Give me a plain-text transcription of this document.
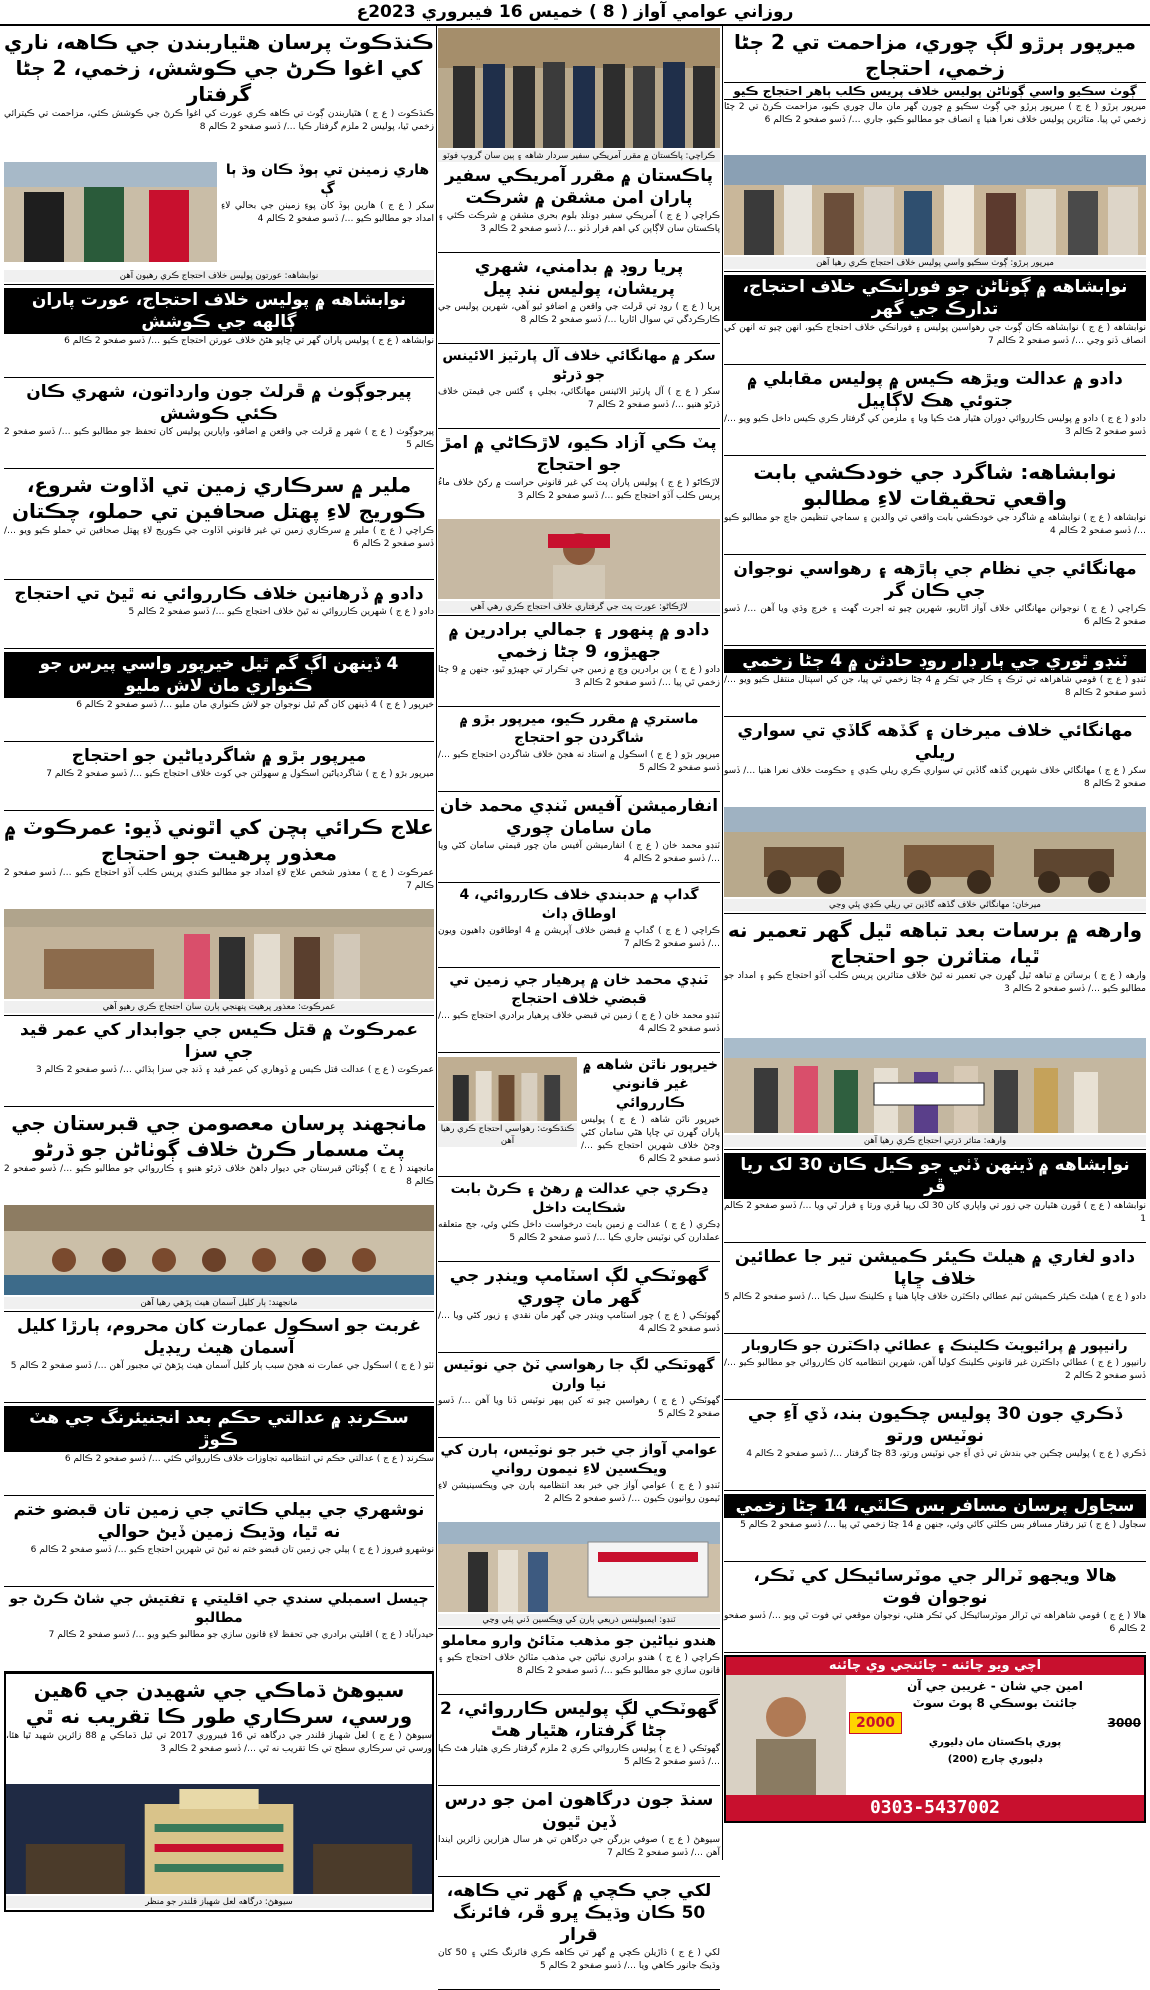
روزاني عوامي آواز ( 8 ) خميس 16 فيبروري 2023ع
ميرپور ٻرڙو لڳ چوري، مزاحمت تي 2 ڄڻا زخمي، احتجاج
ڳوٺ سڪيو واسي ڳوٺاڻن پوليس خلاف پريس ڪلب ٻاهر احتجاج ڪيو
ميرپور ٻرڙو ( ع ج ) ميرپور ٻرڙو جي ڳوٺ سڪيو ۾ چورن گهر مان مال چوري ڪيو، مزاحمت ڪرڻ تي 2 ڄڻا زخمي ٿي پيا. متاثرين پوليس خلاف نعرا هنيا ۽ انصاف جو مطالبو ڪيو، جاري …/ ڏسو صفحو 2 ڪالم 6
ميرپور ٻرڙو: ڳوٺ سڪيو واسي پوليس خلاف احتجاج ڪري رهيا آهن
نوابشاهه ۾ ڳوٺاڻن جو فورانڪي خلاف احتجاج، تدارڪ جي گهر
نوابشاهه ( ع ج ) نوابشاهه ڪان ڳوٺ جي رهواسين پوليس ۽ فورانڪي خلاف احتجاج ڪيو، انهن چيو ته انهن کي انصاف ڏنو وڃي …/ ڏسو صفحو 2 ڪالم 7
دادو ۾ عدالت ويڙهه ڪيس ۾ پوليس مقابلي ۾ جتوئي هڪ لاڳاپيل
دادو ( ع ج ) دادو ۾ پوليس ڪارروائي دوران هٿيار هٿ ڪيا ويا ۽ ملزمن کي گرفتار ڪري ڪيس داخل ڪيو ويو …/ ڏسو صفحو 2 ڪالم 3
نوابشاهه: شاگرد جي خودڪشي بابت واقعي تحقيقات لاءِ مطالبو
نوابشاهه ( ع ج ) نوابشاهه ۾ شاگرد جي خودڪشي بابت واقعي تي والدين ۽ سماجي تنظيمن جاچ جو مطالبو ڪيو …/ ڏسو صفحو 2 ڪالم 4
مهانگائي جي نظام جي ٻاڙهه ۽ رهواسي نوجوان جي ڪان گر
ڪراچي ( ع ج ) نوجوانن مهانگائي خلاف آواز اٿاريو، شهرين چيو ته اجرت گهٽ ۽ خرچ وڌي ويا آهن …/ ڏسو صفحو 2 ڪالم 6
ٽنڊو ٿوري جي ٻار ڊار روڊ حادثن ۾ 4 ڄڻا زخمي
ٽنڊو ( ع ج ) قومي شاهراهه تي ٽرڪ ۽ ڪار جي ٽڪر ۾ 4 ڄڻا زخمي ٿي پيا، جن کي اسپتال منتقل ڪيو ويو …/ ڏسو صفحو 2 ڪالم 8
مهانگائي خلاف ميرخان ۽ گڏهه گاڏي تي سواري ريلي
سکر ( ع ج ) مهانگائي خلاف شهرين گڏهه گاڏين تي سواري ڪري ريلي ڪڍي ۽ حڪومت خلاف نعرا هنيا …/ ڏسو صفحو 2 ڪالم 8
ميرخان: مهانگائي خلاف گڏهه گاڏين تي ريلي ڪڍي پئي وڃي
وارهه ۾ برسات بعد تباهه ٿيل گهر تعمير نه ٿيا، متاثرن جو احتجاج
وارهه ( ع ج ) برساتن ۾ تباهه ٿيل گهرن جي تعمير نه ٿيڻ خلاف متاثرين پريس ڪلب آڏو احتجاج ڪيو ۽ امداد جو مطالبو ڪيو …/ ڏسو صفحو 2 ڪالم 3
وارهه: متاثر ڌرتي احتجاج ڪري رهيا آهن
نوابشاهه ۾ ڏينهن ڏٺي جو ڪيل ڪان 30 لک ريا ڦر
نوابشاهه ( ع ج ) ڦورن هٿيارن جي زور تي واپاري کان 30 لک رپيا ڦري ورتا ۽ فرار ٿي ويا …/ ڏسو صفحو 2 ڪالم 1
دادو لغاري ۾ هيلٿ ڪيئر ڪميشن تير جا عطائين خلاف ڇاپا
دادو ( ع ج ) هيلٿ ڪيئر ڪميشن ٽيم عطائي ڊاڪٽرن خلاف ڇاپا هنيا ۽ ڪلينڪ سيل ڪيا …/ ڏسو صفحو 2 ڪالم 5
رانيپور ۾ پرائيويٽ ڪلينڪ ۽ عطائي ڊاڪٽرن جو ڪاروبار
رانيپور ( ع ج ) عطائي ڊاڪٽرن غير قانوني ڪلينڪ کوليا آهن، شهرين انتظاميه کان ڪارروائي جو مطالبو ڪيو …/ ڏسو صفحو 2 ڪالم 2
ڏڪري جون 30 پوليس چڪيون بند، ڏي آءِ جي نوٽيس ورتو
ڏڪري ( ع ج ) پوليس چڪين جي بندش تي ڏي آءِ جي نوٽيس ورتو، 83 ڄڻا گرفتار …/ ڏسو صفحو 2 ڪالم 4
سجاول پرسان مسافر بس ڪلٽي، 14 ڄڻا زخمي
سجاول ( ع ج ) تيز رفتار مسافر بس ڪلٽي کائي وئي، جنهن ۾ 14 ڄڻا زخمي ٿي پيا …/ ڏسو صفحو 2 ڪالم 5
هالا ويجهو ٽرالر جي موٽرسائيڪل کي ٽڪر، نوجوان فوت
هالا ( ع ج ) قومي شاهراهه تي ٽرالر موٽرسائيڪل کي ٽڪر هنئي، نوجوان موقعي تي فوت ٿي ويو …/ ڏسو صفحو 2 ڪالم 6
اچي ويو چائنه - چائنجي وي چائنه
امين جي شان - غريبن جي آن
جائنٽ بوسڪي 8 پوٽ سوٽ
3000
2000
پوري پاڪستان مان ڊليوري
ڊليوري چارج (200)
0303-5437002
ڪراچي: پاڪستان ۾ مقرر آمريڪي سفير سردار شاهه ۽ ٻين سان گروپ فوٽو
پاڪستان ۾ مقرر آمريڪي سفير پاران امن مشقن ۾ شرڪت
ڪراچي ( ع ج ) آمريڪي سفير ڊونلڊ بلوم بحري مشقن ۾ شرڪت ڪئي ۽ پاڪستان سان لاڳاپن کي اهم قرار ڏنو …/ ڏسو صفحو 2 ڪالم 3
پريا روڊ ۾ بدامني، شهري پريشان، پوليس ننڊ پيل
پريا ( ع ج ) روڊ تي ڦرلٽ جي واقعن ۾ اضافو ٿيو آهي، شهرين پوليس جي ڪارڪردگي تي سوال اٿاريا …/ ڏسو صفحو 2 ڪالم 8
سکر ۾ مهانگائي خلاف آل پارٽيز الائينس جو ڌرڻو
سکر ( ع ج ) آل پارٽيز الائينس مهانگائي، بجلي ۽ گئس جي قيمتن خلاف ڌرڻو هنيو …/ ڏسو صفحو 2 ڪالم 7
پٽ ڪي آزاد ڪيو، لاڙڪاڻي ۾ امڙ جو احتجاج
لاڙڪاڻو ( ع ج ) پوليس پاران پٽ کي غير قانوني حراست ۾ رکڻ خلاف ماءُ پريس ڪلب آڏو احتجاج ڪيو …/ ڏسو صفحو 2 ڪالم 3
لاڙڪاڻو: عورت پٽ جي گرفتاري خلاف احتجاج ڪري رهي آهي
دادو ۾ پنهور ۽ جمالي برادرين ۾ جهيڙو، 9 ڄڻا زخمي
دادو ( ع ج ) ٻن برادرين وچ ۾ زمين جي تڪرار تي جهيڙو ٿيو، جنهن ۾ 9 ڄڻا زخمي ٿي پيا …/ ڏسو صفحو 2 ڪالم 3
ماستري ۾ مقرر ڪيو، ميرپور بڙو ۾ شاگردن جو احتجاج
ميرپور بڙو ( ع ج ) اسڪول ۾ استاد نه هجڻ خلاف شاگردن احتجاج ڪيو …/ ڏسو صفحو 2 ڪالم 5
انفارميشن آفيس ٽنڊي محمد خان مان سامان چوري
ٽنڊو محمد خان ( ع ج ) انفارميشن آفيس مان چور قيمتي سامان کڻي ويا …/ ڏسو صفحو 2 ڪالم 4
گداپ ۾ حدبندي خلاف ڪارروائي، 4 اوطاق ڊاٺ
ڪراچي ( ع ج ) گداپ ۾ قبضن خلاف آپريشن ۾ 4 اوطاقون ڊاهيون ويون …/ ڏسو صفحو 2 ڪالم 7
ٽنڊي محمد خان ۾ پرهيار جي زمين تي قبضي خلاف احتجاج
ٽنڊو محمد خان ( ع ج ) زمين تي قبضي خلاف پرهيار برادري احتجاج ڪيو …/ ڏسو صفحو 2 ڪالم 4
خيرپور ناٿن شاهه ۾ غير قانوني ڪارروائي
خيرپور ناٿن شاهه ( ع ج ) پوليس پاران گهرن تي ڇاپا هڻي سامان کڻي وڃڻ خلاف شهرين احتجاج ڪيو …/ ڏسو صفحو 2 ڪالم 6
ڪنڌڪوٽ: رهواسي احتجاج ڪري رهيا آهن
ڍڪري جي عدالت ۾ رهڻ ۽ ڪرڻ بابت شڪايت داخل
ڍڪري ( ع ج ) عدالت ۾ زمين بابت درخواست داخل ڪئي وئي، جج متعلقه عملدارن کي نوٽيس جاري ڪيا …/ ڏسو صفحو 2 ڪالم 5
گهوٽڪي لڳ اسٽامپ وينڊر جي گهر مان چوري
گهوٽڪي ( ع ج ) چور اسٽامپ وينڊر جي گهر مان نقدي ۽ زيور کڻي ويا …/ ڏسو صفحو 2 ڪالم 4
گهوٽڪي لڳ جا رهواسي ٽڻ جي نوٽيس نيا وارن
گهوٽڪي ( ع ج ) رهواسين چيو ته کين ٻيهر نوٽيس ڏنا ويا آهن …/ ڏسو صفحو 2 ڪالم 5
عوامي آواز جي خبر جو نوٽيس، ٻارن کي ويڪسين لاءِ نيمون رواني
ٽنڊو ( ع ج ) عوامي آواز جي خبر بعد انتظاميه ٻارن جي ويڪسينيشن لاءِ ٽيمون روانيون ڪيون …/ ڏسو صفحو 2 ڪالم 2
ٽنڊو: ايمبولينس ذريعي ٻارن کي ويڪسين ڏني پئي وڃي
هندو نياڻين جو مذهب مٽائڻ وارو معاملو
ڪراچي ( ع ج ) هندو برادري نياڻين جي مذهب مٽائڻ خلاف احتجاج ڪيو ۽ قانون سازي جو مطالبو ڪيو …/ ڏسو صفحو 2 ڪالم 8
گهوٽڪي لڳ پوليس ڪارروائي، 2 ڄڻا گرفتار، هٿيار هٿ
گهوٽڪي ( ع ج ) پوليس ڪارروائي ڪري 2 ملزم گرفتار ڪري هٿيار هٿ ڪيا …/ ڏسو صفحو 2 ڪالم 5
سنڌ جون درگاهون امن جو درس ڏين ٿيون
سيوهڻ ( ع ج ) صوفي بزرگن جي درگاهن تي هر سال هزارين زائرين ايندا آهن …/ ڏسو صفحو 2 ڪالم 7
لکي جي ڪچي ۾ گهر تي ڪاهه، 50 ڪان وڌيڪ ڀرو ڦر، فائرنگ قرار
لکي ( ع ج ) ڌاڙيلن ڪچي ۾ گهر تي ڪاهه ڪري فائرنگ ڪئي ۽ 50 کان وڌيڪ جانور ڪاهي ويا …/ ڏسو صفحو 2 ڪالم 5
ڪنڌڪوٽ پرسان هٿياربندن جي ڪاهه، ناري کي اغوا ڪرڻ جي ڪوشش، زخمي، 2 ڄڻا گرفتار
ڪنڌڪوٽ ( ع ج ) هٿياربندن ڳوٺ تي ڪاهه ڪري عورت کي اغوا ڪرڻ جي ڪوشش ڪئي، مزاحمت تي ڪيترائي زخمي ٿيا، پوليس 2 ملزم گرفتار ڪيا …/ ڏسو صفحو 2 ڪالم 8
هاري زمينن تي ٻوڏ ڪان وڌ ٻا ڳ
سکر ( ع ج ) هارين ٻوڏ کان پوءِ زمينن جي بحالي لاءِ امداد جو مطالبو ڪيو …/ ڏسو صفحو 2 ڪالم 4
نوابشاهه: عورتون پوليس خلاف احتجاج ڪري رهيون آهن
نوابشاهه ۾ پوليس خلاف احتجاج، عورت پاران ڳالهه جي ڪوشش
نوابشاهه ( ع ج ) پوليس پاران گهر تي ڇاپو هڻڻ خلاف عورتن احتجاج ڪيو …/ ڏسو صفحو 2 ڪالم 6
پيرجوڳوٺ ۾ ڦرلٽ جون وارداتون، شهري ڪان ڪئي ڪوشش
پيرجوڳوٺ ( ع ج ) شهر ۾ ڦرلٽ جي واقعن ۾ اضافو، واپارين پوليس کان تحفظ جو مطالبو ڪيو …/ ڏسو صفحو 2 ڪالم 5
ملير ۾ سرڪاري زمين تي اڏاوت شروع، ڪوريج لاءِ پهتل صحافين تي حملو، چڪتان
ڪراچي ( ع ج ) ملير ۾ سرڪاري زمين تي غير قانوني اڏاوت جي ڪوريج لاءِ پهتل صحافين تي حملو ڪيو ويو …/ ڏسو صفحو 2 ڪالم 6
دادو ۾ ڏرهانين خلاف ڪارروائي نه ٿيڻ تي احتجاج
دادو ( ع ج ) شهرين ڪارروائي نه ٿيڻ خلاف احتجاج ڪيو …/ ڏسو صفحو 2 ڪالم 5
4 ڏينهن اڳ گم ٿيل خيرپور واسي پيرس جو ڪنواري مان لاش مليو
خيرپور ( ع ج ) 4 ڏينهن کان گم ٿيل نوجوان جو لاش ڪنواري مان مليو …/ ڏسو صفحو 2 ڪالم 6
ميرپور بڙو ۾ شاگردياڻين جو احتجاج
ميرپور بڙو ( ع ج ) شاگردياڻين اسڪول ۾ سهولتن جي کوٽ خلاف احتجاج ڪيو …/ ڏسو صفحو 2 ڪالم 7
علاج ڪرائي ٻچن کي اٿوني ڏيو: عمرڪوٽ ۾ معذور پرهيت جو احتجاج
عمرڪوٽ ( ع ج ) معذور شخص علاج لاءِ امداد جو مطالبو ڪندي پريس ڪلب آڏو احتجاج ڪيو …/ ڏسو صفحو 2 ڪالم 7
عمرڪوٽ: معذور پرهيت پنهنجي ٻارن سان احتجاج ڪري رهيو آهي
عمرڪوٽ ۾ قتل ڪيس جي جوابدار کي عمر قيد جي سزا
عمرڪوٽ ( ع ج ) عدالت قتل ڪيس ۾ ڏوهاري کي عمر قيد ۽ ڏنڊ جي سزا ٻڌائي …/ ڏسو صفحو 2 ڪالم 3
مانجهند پرسان معصومن جي قبرستان جي پٽ مسمار ڪرڻ خلاف ڳوٺاڻن جو ڌرڻو
مانجهند ( ع ج ) ڳوٺاڻن قبرستان جي ديوار ڊاهڻ خلاف ڌرڻو هنيو ۽ ڪارروائي جو مطالبو ڪيو …/ ڏسو صفحو 2 ڪالم 8
مانجهند: ٻار کليل آسمان هيٺ پڙهي رهيا آهن
غربت جو اسڪول عمارت کان محروم، ٻارڙا کليل آسمان هيٺ ريڊيل
ٺٽو ( ع ج ) اسڪول جي عمارت نه هجڻ سبب ٻار کليل آسمان هيٺ پڙهڻ تي مجبور آهن …/ ڏسو صفحو 2 ڪالم 5
سڪرنڊ ۾ عدالتي حڪم بعد انجنيئرنگ جي هٽ ڪوڙ
سڪرنڊ ( ع ج ) عدالتي حڪم تي انتظاميه تجاوزات خلاف ڪارروائي ڪئي …/ ڏسو صفحو 2 ڪالم 6
نوشهري جي بيلي ڪاتي جي زمين تان قبضو ختم نه ٿيا، وڌيڪ زمين ڏيڻ حوالي
نوشهرو فيروز ( ع ج ) ٻيلي جي زمين تان قبضو ختم نه ٿيڻ تي شهرين احتجاج ڪيو …/ ڏسو صفحو 2 ڪالم 6
ڄيسل اسمبلي سندي جي اقليتي ۽ تفتيش جي شاڻ ڪرڻ جو مطالبو
حيدرآباد ( ع ج ) اقليتي برادري جي تحفظ لاءِ قانون سازي جو مطالبو ڪيو ويو …/ ڏسو صفحو 2 ڪالم 7
سيوهڻ ڌماڪي جي شهيدن جي 6هين ورسي، سرڪاري طور ڪا تقريب نه ٿي
سيوهڻ ( ع ج ) لعل شهباز قلندر جي درگاهه تي 16 فيبروري 2017 تي ٿيل ڌماڪي ۾ 88 زائرين شهيد ٿيا هئا، ورسي تي سرڪاري سطح تي ڪا تقريب نه ٿي …/ ڏسو صفحو 2 ڪالم 3
سيوهڻ: درگاهه لعل شهباز قلندر جو منظر
